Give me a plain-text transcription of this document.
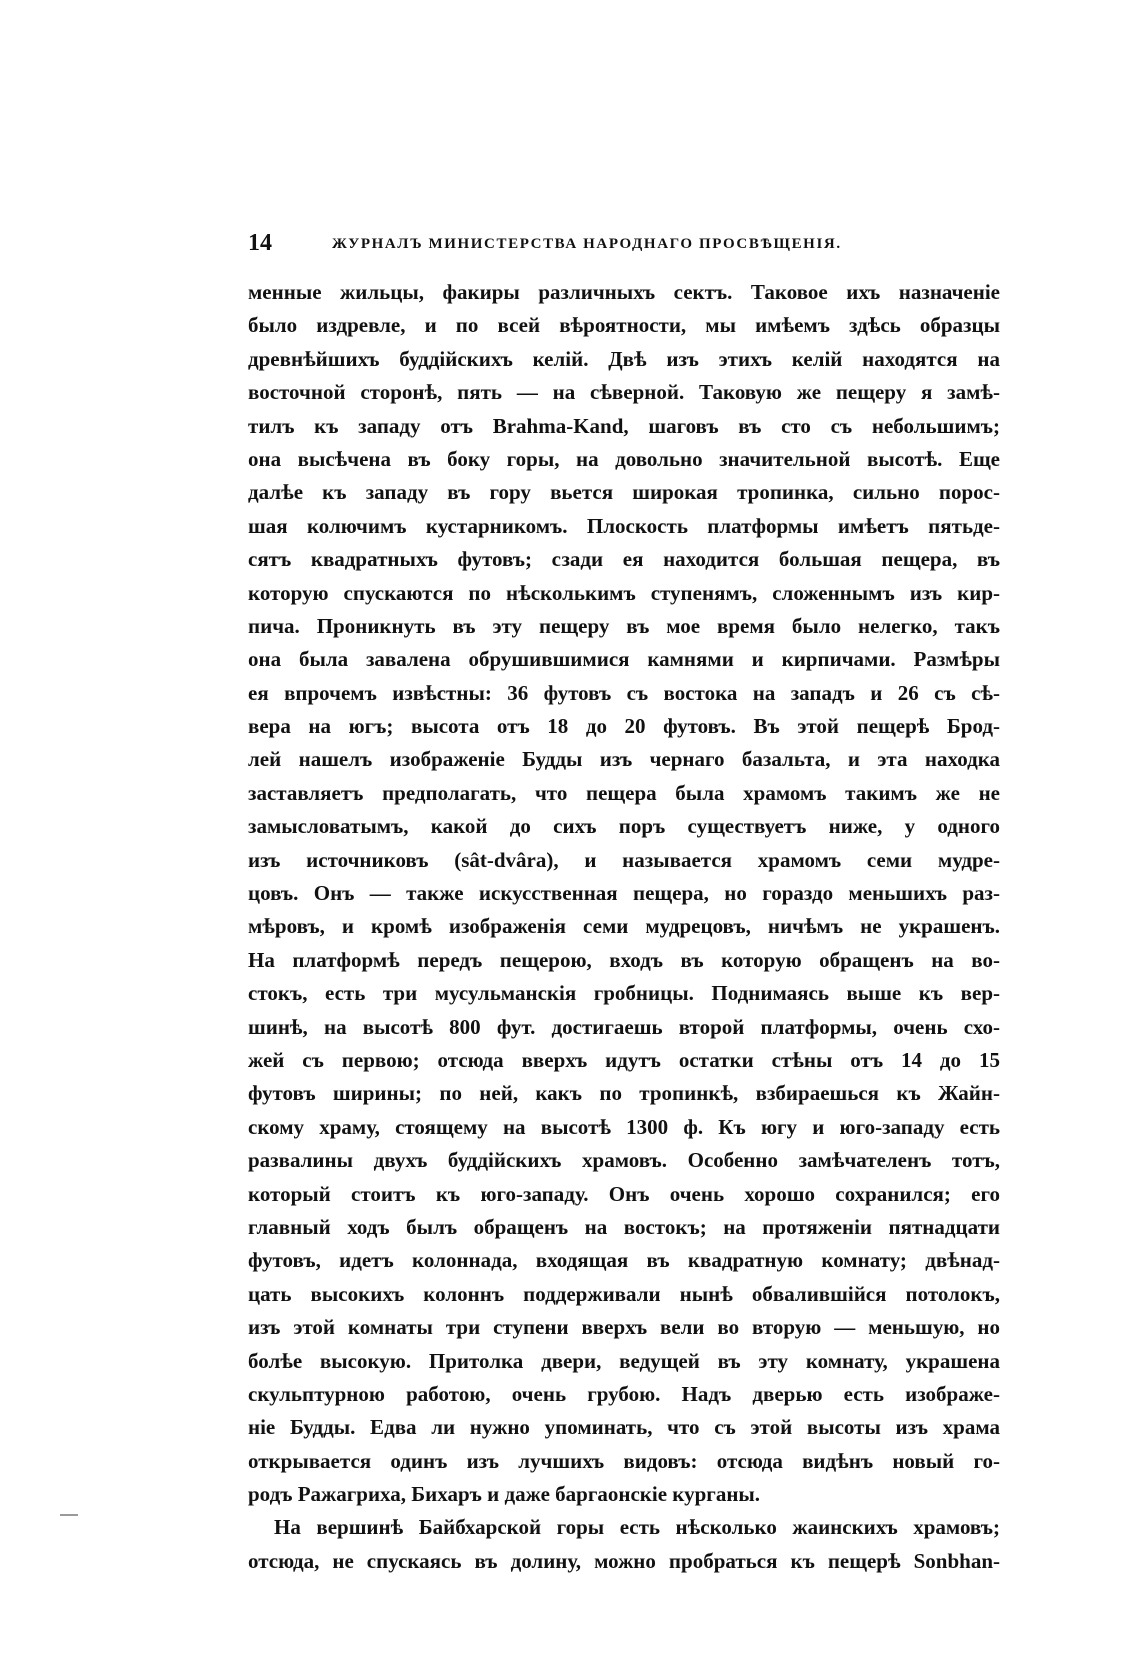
14	ЖУРНАЛЪ МИНИСТЕРСТВА НАРОДНАГО ПРОСВѢЩЕНІЯ.
менные жильцы, факиры различныхъ сектъ. Таковое ихъ назначеніе
было издревле, и по всей вѣроятности, мы имѣемъ здѣсь образцы
древнѣйшихъ буддійскихъ келій. Двѣ изъ этихъ келій находятся на
восточной сторонѣ, пять — на сѣверной. Таковую же пещеру я замѣ-
тилъ къ западу отъ Brahma-Kand, шаговъ въ сто съ небольшимъ;
она высѣчена въ боку горы, на довольно значительной высотѣ. Еще
далѣе къ западу въ гору вьется широкая тропинка, сильно порос-
шая колючимъ кустарникомъ. Плоскость платформы имѣетъ пятьде-
сятъ квадратныхъ футовъ; сзади ея находится большая пещера, въ
которую спускаются по нѣсколькимъ ступенямъ, сложеннымъ изъ кир-
пича. Проникнуть въ эту пещеру въ мое время было нелегко, такъ
она была завалена обрушившимися камнями и кирпичами. Размѣры
ея впрочемъ извѣстны: 36 футовъ съ востока на западъ и 26 съ сѣ-
вера на югъ; высота отъ 18 до 20 футовъ. Въ этой пещерѣ Брод-
лей нашелъ изображеніе Будды изъ чернаго базальта, и эта находка
заставляетъ предполагать, что пещера была храмомъ такимъ же не
замысловатымъ, какой до сихъ поръ существуетъ ниже, у одного
изъ источниковъ (sât-dvâra), и называется храмомъ семи мудре-
цовъ. Онъ — также искусственная пещера, но гораздо меньшихъ раз-
мѣровъ, и кромѣ изображенія семи мудрецовъ, ничѣмъ не украшенъ.
На платформѣ передъ пещерою, входъ въ которую обращенъ на во-
стокъ, есть три мусульманскія гробницы. Поднимаясь выше къ вер-
шинѣ, на высотѣ 800 фут. достигаешь второй платформы, очень схо-
жей съ первою; отсюда вверхъ идутъ остатки стѣны отъ 14 до 15
футовъ ширины; по ней, какъ по тропинкѣ, взбираешься къ Жайн-
скому храму, стоящему на высотѣ 1300 ф. Къ югу и юго-западу есть
развалины двухъ буддійскихъ храмовъ. Особенно замѣчателенъ тотъ,
который стоитъ къ юго-западу. Онъ очень хорошо сохранился; его
главный ходъ былъ обращенъ на востокъ; на протяженіи пятнадцати
футовъ, идетъ колоннада, входящая въ квадратную комнату; двѣнад-
цать высокихъ колоннъ поддерживали нынѣ обвалившійся потолокъ,
изъ этой комнаты три ступени вверхъ вели во вторую — меньшую, но
болѣе высокую. Притолка двери, ведущей въ эту комнату, украшена
скульптурною работою, очень грубою. Надъ дверью есть изображе-
ніе Будды. Едва ли нужно упоминать, что съ этой высоты изъ храма
открывается одинъ изъ лучшихъ видовъ: отсюда видѣнъ новый го-
родъ Ражагриха, Бихаръ и даже баргаонскіе курганы.
На вершинѣ Байбхарской горы есть нѣсколько жаинскихъ храмовъ;
отсюда, не спускаясь въ долину, можно пробраться къ пещерѣ Sonbhan-
